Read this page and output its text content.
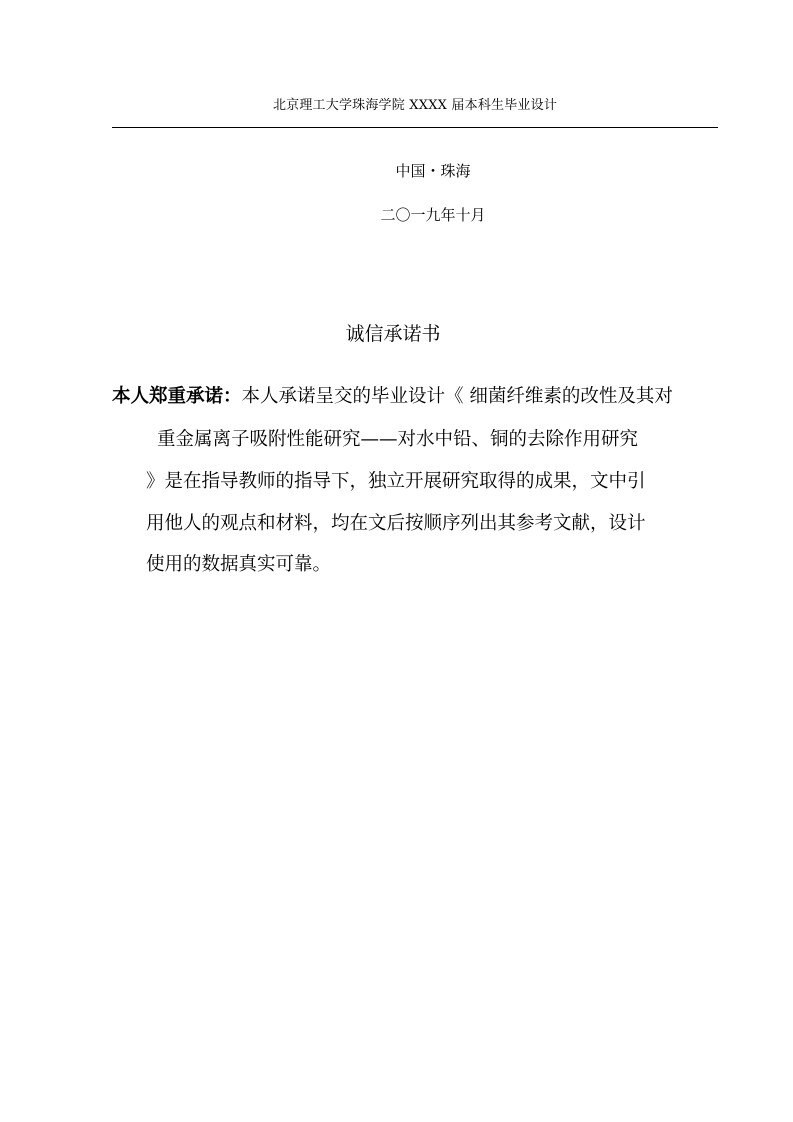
北京理工大学珠海学院 XXXX 届本科生毕业设计
中国・珠海
二〇一九年十月
诚信承诺书
本人郑重承诺：本人承诺呈交的毕业设计《 细菌纤维素的改性及其对
重金属离子吸附性能研究——对水中铅、铜的去除作用研究
》是在指导教师的指导下，独立开展研究取得的成果，文中引
用他人的观点和材料，均在文后按顺序列出其参考文献，设计
使用的数据真实可靠。
